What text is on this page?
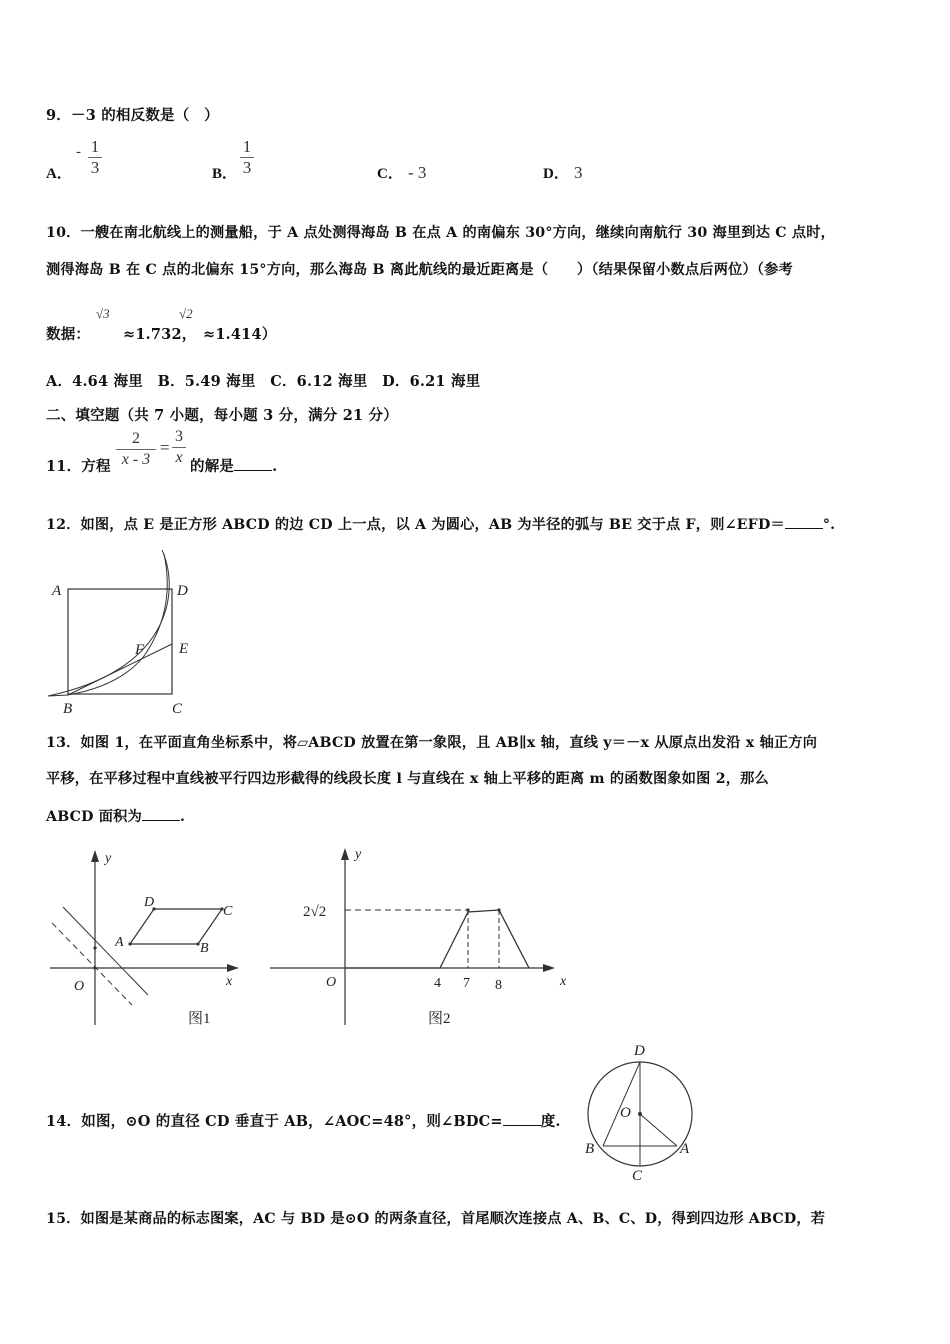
9．－3 的相反数是（　）
A．
- 1
3	B．
1
3	C． - 3	D． 3
10．一艘在南北航线上的测量船，于 A 点处测得海岛 B 在点 A 的南偏东 30°方向，继续向南航行 30 海里到达 C 点时，
测得海岛 B 在 C 点的北偏东 15°方向，那么海岛 B 离此航线的最近距离是（　　）（结果保留小数点后两位）（参考
数据：
√3
≈1.732，
√2
≈1.414）
A．4.64 海里　B．5.49 海里　C．6.12 海里　D．6.21 海里
二、填空题（共 7 小题，每小题 3 分，满分 21 分）
11．方程
2
x - 3
=
3
x
的解是	.
12．如图，点 E 是正方形 ABCD 的边 CD 上一点，以 A 为圆心，AB 为半径的弧与 BE 交于点 F，则∠EFD＝	°.
A	D
F E
B	C
13．如图 1，在平面直角坐标系中，将▱ABCD 放置在第一象限，且 AB∥x 轴，直线 y＝－x 从原点出发沿 x 轴正方向
平移，在平移过程中直线被平行四边形截得的线段长度 l 与直线在 x 轴上平移的距离 m 的函数图象如图 2，那么
ABCD 面积为	.
y
x
O
A	B
C
D
图1
y
x
O
2√2
4 7 8
图2
14．如图，⊙O 的直径 CD 垂直于 AB，∠AOC=48°，则∠BDC=	度.
D
O
B	A
C
15．如图是某商品的标志图案，AC 与 BD 是⊙O 的两条直径，首尾顺次连接点 A、B、C、D，得到四边形 ABCD，若
